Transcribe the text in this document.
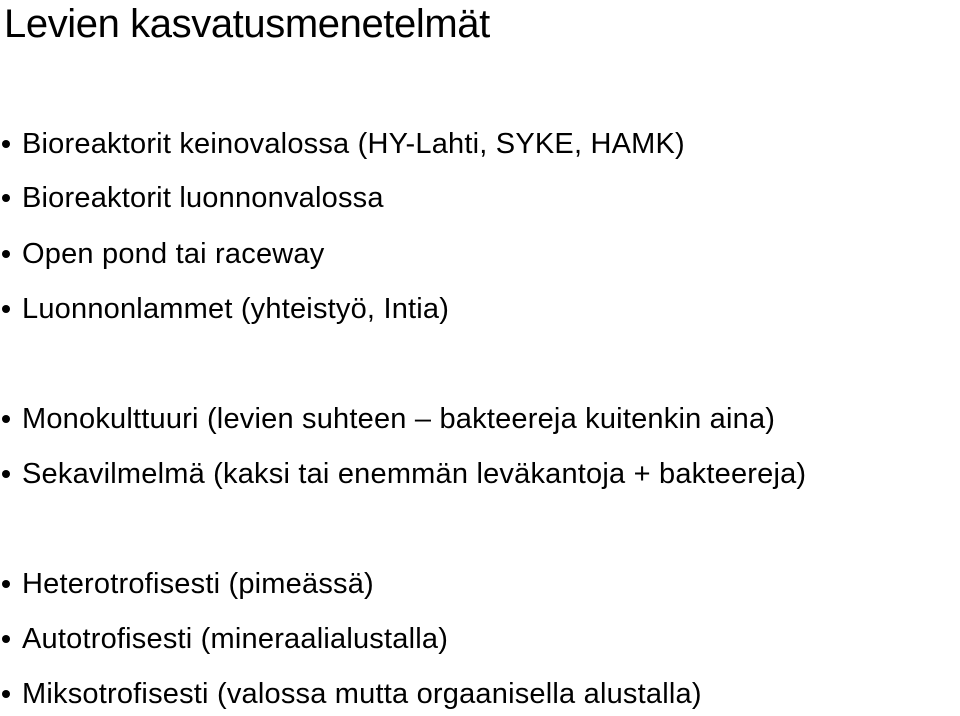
Levien kasvatusmenetelmät
Bioreaktorit keinovalossa (HY-Lahti, SYKE, HAMK)
Bioreaktorit luonnonvalossa
Open pond tai raceway
Luonnonlammet (yhteistyö, Intia)
Monokulttuuri (levien suhteen – bakteereja kuitenkin aina)
Sekavilmelmä (kaksi tai enemmän leväkantoja + bakteereja)
Heterotrofisesti (pimeässä)
Autotrofisesti (mineraalialustalla)
Miksotrofisesti (valossa mutta orgaanisella alustalla)
